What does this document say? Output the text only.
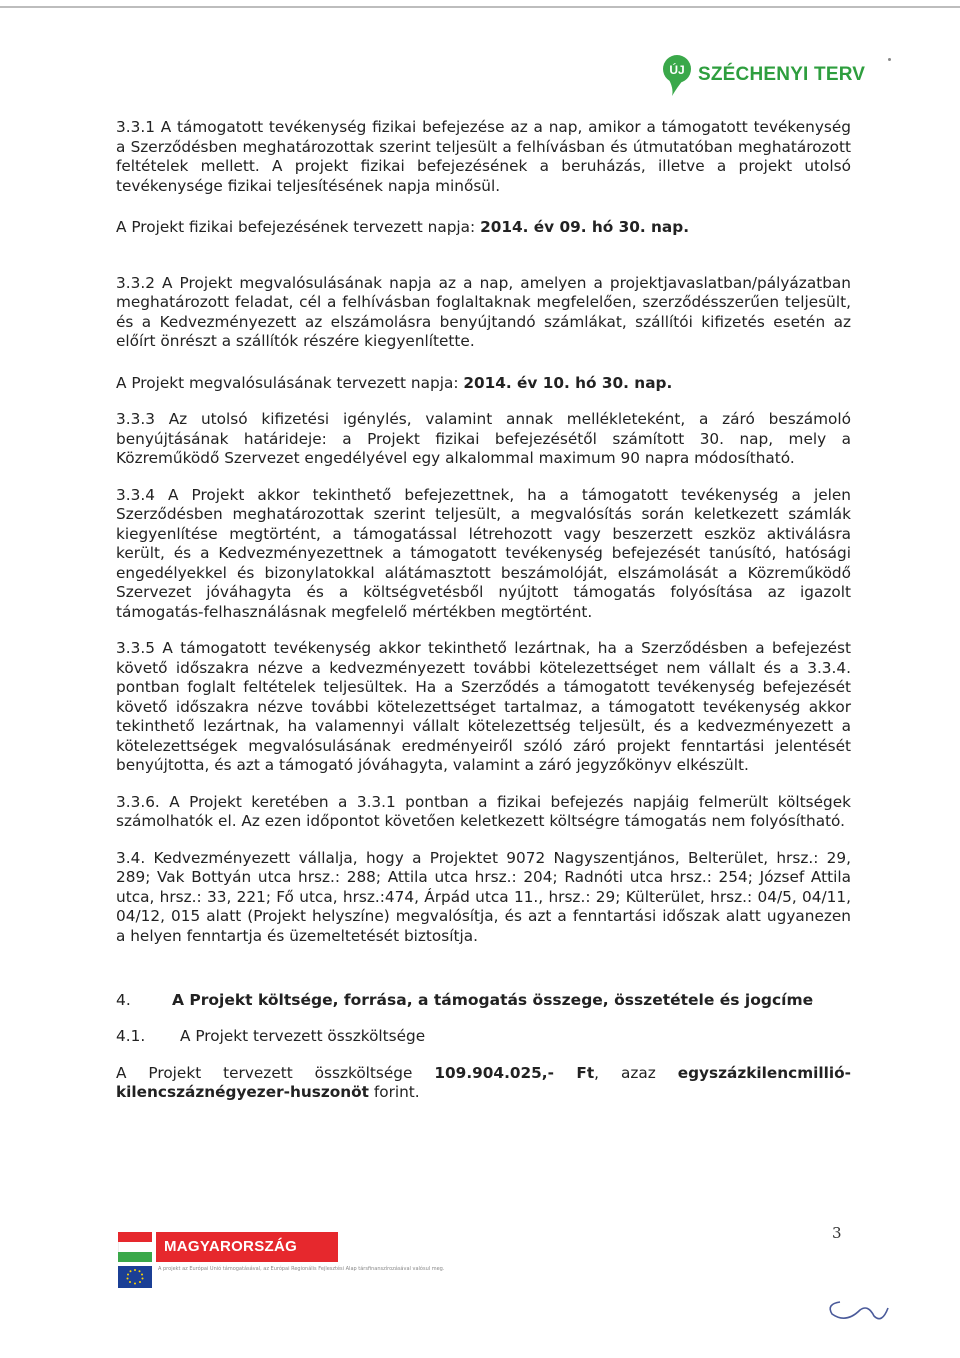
ÚJ SZÉCHENYI TERV

3.3.1 A támogatott tevékenység fizikai befejezése az a nap, amikor a támogatott tevékenység a Szerződésben meghatározottak szerint teljesült a felhívásban és útmutatóban meghatározott feltételek mellett. A projekt fizikai befejezésének a beruházás, illetve a projekt utolsó tevékenysége fizikai teljesítésének napja minősül.

A Projekt fizikai befejezésének tervezett napja: 2014. év 09. hó 30. nap.

3.3.2 A Projekt megvalósulásának napja az a nap, amelyen a projektjavaslatban/pályázatban meghatározott feladat, cél a felhívásban foglaltaknak megfelelően, szerződésszerűen teljesült, és a Kedvezményezett az elszámolásra benyújtandó számlákat, szállítói kifizetés esetén az előírt önrészt a szállítók részére kiegyenlítette.

A Projekt megvalósulásának tervezett napja: 2014. év 10. hó 30. nap.

3.3.3 Az utolsó kifizetési igénylés, valamint annak mellékleteként, a záró beszámoló benyújtásának határideje: a Projekt fizikai befejezésétől számított 30. nap, mely a Közreműködő Szervezet engedélyével egy alkalommal maximum 90 napra módosítható.

3.3.4 A Projekt akkor tekinthető befejezettnek, ha a támogatott tevékenység a jelen Szerződésben meghatározottak szerint teljesült, a megvalósítás során keletkezett számlák kiegyenlítése megtörtént, a támogatással létrehozott vagy beszerzett eszköz aktiválásra került, és a Kedvezményezettnek a támogatott tevékenység befejezését tanúsító, hatósági engedélyekkel és bizonylatokkal alátámasztott beszámolóját, elszámolását a Közreműködő Szervezet jóváhagyta és a költségvetésből nyújtott támogatás folyósítása az igazolt támogatás-felhasználásnak megfelelő mértékben megtörtént.

3.3.5 A támogatott tevékenység akkor tekinthető lezártnak, ha a Szerződésben a befejezést követő időszakra nézve a kedvezményezett további kötelezettséget nem vállalt és a 3.3.4. pontban foglalt feltételek teljesültek. Ha a Szerződés a támogatott tevékenység befejezését követő időszakra nézve további kötelezettséget tartalmaz, a támogatott tevékenység akkor tekinthető lezártnak, ha valamennyi vállalt kötelezettség teljesült, és a kedvezményezett a kötelezettségek megvalósulásának eredményeiről szóló záró projekt fenntartási jelentését benyújtotta, és azt a támogató jóváhagyta, valamint a záró jegyzőkönyv elkészült.

3.3.6. A Projekt keretében a 3.3.1 pontban a fizikai befejezés napjáig felmerült költségek számolhatók el. Az ezen időpontot követően keletkezett költségre támogatás nem folyósítható.

3.4. Kedvezményezett vállalja, hogy a Projektet 9072 Nagyszentjános, Belterület, hrsz.: 29, 289; Vak Bottyán utca hrsz.: 288; Attila utca hrsz.: 204; Radnóti utca hrsz.: 254; József Attila utca, hrsz.: 33, 221; Fő utca, hrsz.:474, Árpád utca 11., hrsz.: 29; Külterület, hrsz.: 04/5, 04/11, 04/12, 015 alatt (Projekt helyszíne) megvalósítja, és azt a fenntartási időszak alatt ugyanezen a helyen fenntartja és üzemeltetését biztosítja.

4.	A Projekt költsége, forrása, a támogatás összege, összetétele és jogcíme
4.1.	A Projekt tervezett összköltsége

A Projekt tervezett összköltsége 109.904.025,- Ft, azaz egyszázkilencmillió-kilencszáznégyezer-huszonöt forint.

MAGYARORSZÁG MEGÚJUL
A projekt az Európai Unió támogatásával, az Európai Regionális Fejlesztési Alap társfinanszírozásával valósul meg.
3
